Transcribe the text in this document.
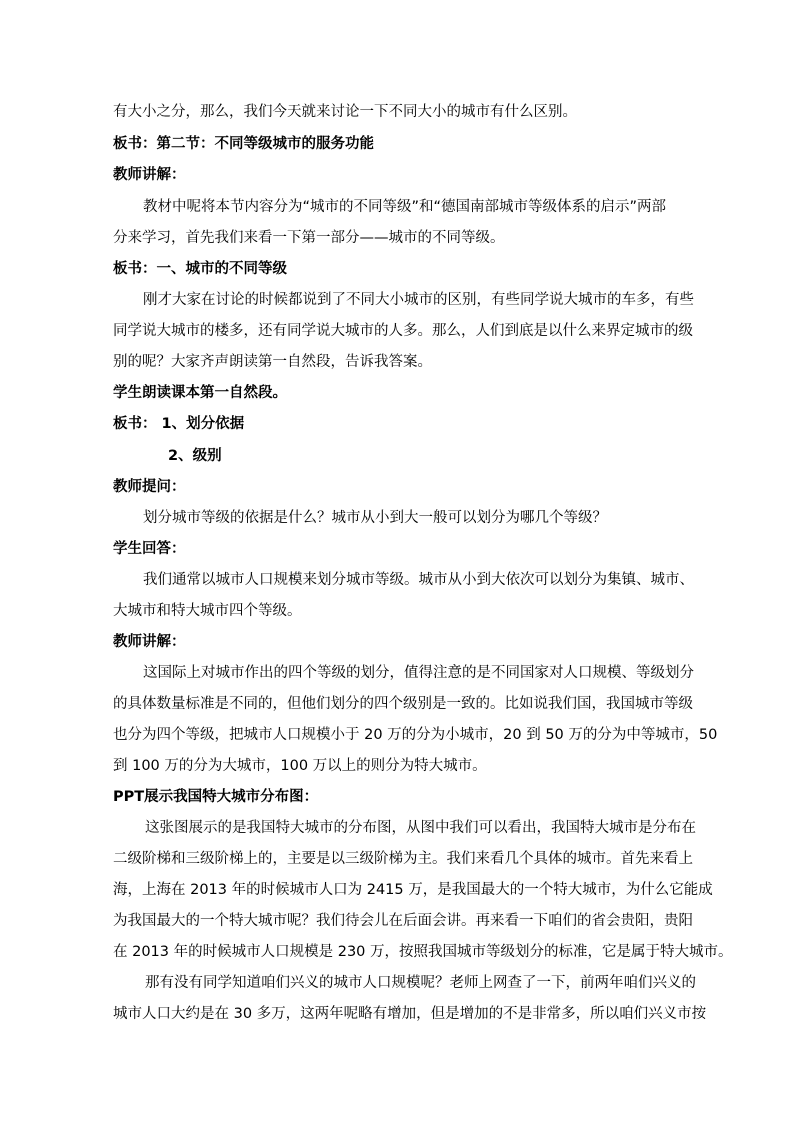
有大小之分，那么，我们今天就来讨论一下不同大小的城市有什么区别。
板书：第二节：不同等级城市的服务功能
教师讲解：
教材中呢将本节内容分为“城市的不同等级”和“德国南部城市等级体系的启示”两部
分来学习，首先我们来看一下第一部分——城市的不同等级。
板书：一、城市的不同等级
刚才大家在讨论的时候都说到了不同大小城市的区别，有些同学说大城市的车多，有些
同学说大城市的楼多，还有同学说大城市的人多。那么，人们到底是以什么来界定城市的级
别的呢？大家齐声朗读第一自然段，告诉我答案。
学生朗读课本第一自然段。
板书： 1、划分依据
2、级别
教师提问：
划分城市等级的依据是什么？城市从小到大一般可以划分为哪几个等级？
学生回答：
我们通常以城市人口规模来划分城市等级。城市从小到大依次可以划分为集镇、城市、
大城市和特大城市四个等级。
教师讲解：
这国际上对城市作出的四个等级的划分，值得注意的是不同国家对人口规模、等级划分
的具体数量标准是不同的，但他们划分的四个级别是一致的。比如说我们国，我国城市等级
也分为四个等级，把城市人口规模小于 20 万的分为小城市，20 到 50 万的分为中等城市，50
到 100 万的分为大城市，100 万以上的则分为特大城市。
PPT展示我国特大城市分布图：
这张图展示的是我国特大城市的分布图，从图中我们可以看出，我国特大城市是分布在
二级阶梯和三级阶梯上的，主要是以三级阶梯为主。我们来看几个具体的城市。首先来看上
海，上海在 2013 年的时候城市人口为 2415 万，是我国最大的一个特大城市，为什么它能成
为我国最大的一个特大城市呢？我们待会儿在后面会讲。再来看一下咱们的省会贵阳，贵阳
在 2013 年的时候城市人口规模是 230 万，按照我国城市等级划分的标准，它是属于特大城市。
那有没有同学知道咱们兴义的城市人口规模呢？老师上网查了一下，前两年咱们兴义的
城市人口大约是在 30 多万，这两年呢略有增加，但是增加的不是非常多，所以咱们兴义市按
